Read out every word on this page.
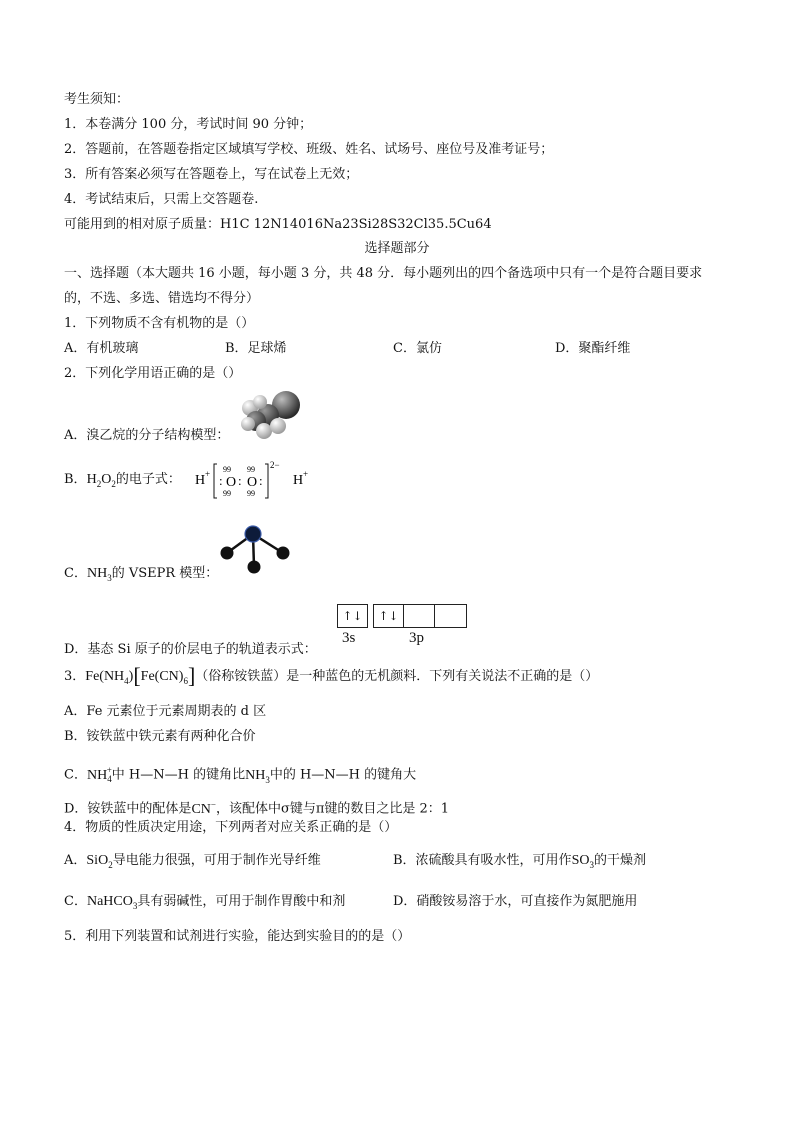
考生须知：
1．本卷满分 100 分，考试时间 90 分钟；
2．答题前，在答题卷指定区域填写学校、班级、姓名、试场号、座位号及准考证号；
3．所有答案必须写在答题卷上，写在试卷上无效；
4．考试结束后，只需上交答题卷.
可能用到的相对原子质量：H1C 12N14016Na23Si28S32Cl35.5Cu64
选择题部分
一、选择题（本大题共 16 小题，每小题 3 分，共 48 分．每小题列出的四个备选项中只有一个是符合题目要求
的，不选、多选、错选均不得分）
1．下列物质不含有机物的是（）
A．有机玻璃	B．足球烯	C．氯仿	D．聚酯纤维
2．下列化学用语正确的是（）
A．溴乙烷的分子结构模型：
B．$H_2O_2$的电子式： H + 99 99
: O : O :
99 99
2−
H +
C．$NH_3$的 VSEPR 模型：
D．基态 Si 原子的价层电子的轨道表示式：
↑↓	↑↓
3s	3p
3．$Fe(NH_4)[Fe(CN)_6]$（俗称铵铁蓝）是一种蓝色的无机颜料．下列有关说法不正确的是（）
A．Fe 元素位于元素周期表的 d 区
B．铵铁蓝中铁元素有两种化合价
C．$NH_4^+$中 H—N—H 的键角比$NH_3$中的 H—N—H 的键角大
D．铵铁蓝中的配体是CN−，该配体中σ键与π键的数目之比是 2：1
4．物质的性质决定用途，下列两者对应关系正确的是（）
A．SiO$_2$导电能力很强，可用于制作光导纤维	B．浓硫酸具有吸水性，可用作$SO_3$的干燥剂
C．NaHCO$_3$具有弱碱性，可用于制作胃酸中和剂	D．硝酸铵易溶于水，可直接作为氮肥施用
5．利用下列装置和试剂进行实验，能达到实验目的的是（）
